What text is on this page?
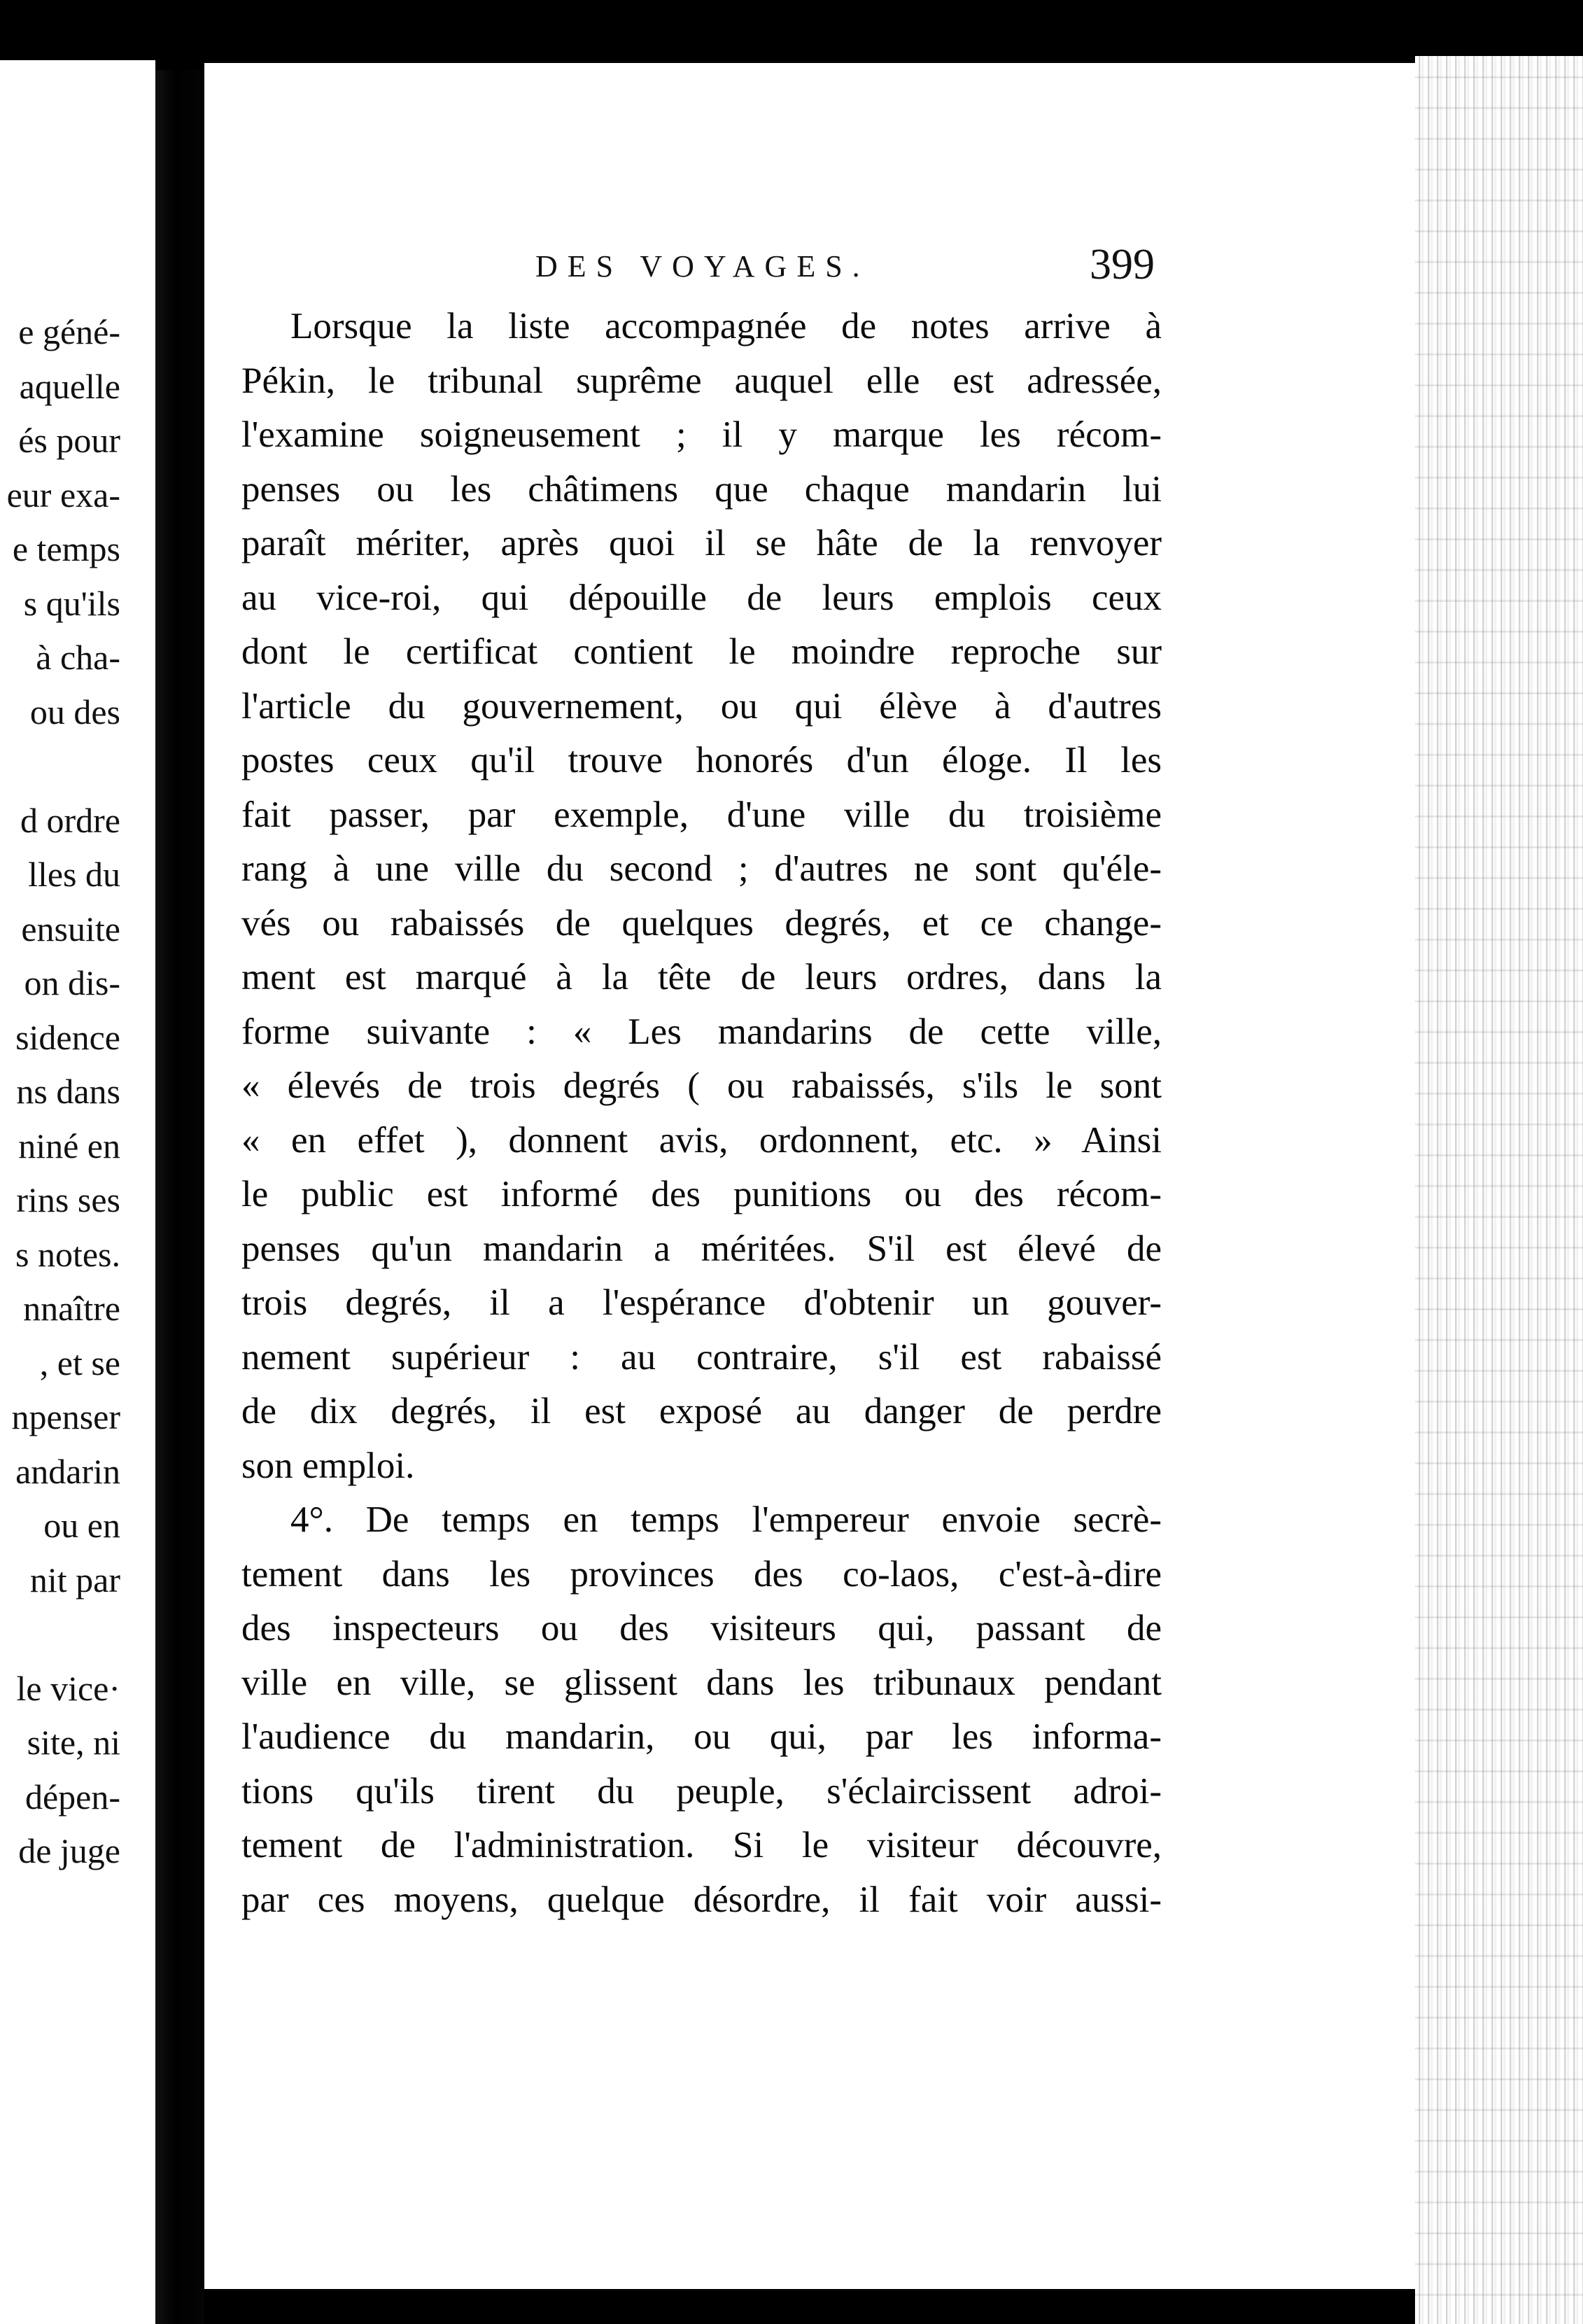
e géné-
aquelle
és pour
eur exa-
e temps
s qu'ils
à cha-
ou des
d ordre
lles du
ensuite
on dis-
sidence
ns dans
niné en
rins ses
s notes.
nnaître
, et se
npenser
andarin
ou en
nit par
le vice·
site, ni
dépen-
de juge
DES VOYAGES.	399
Lorsque la liste accompagnée de notes arrive à
Pékin, le tribunal suprême auquel elle est adressée,
l'examine soigneusement ; il y marque les récom-
penses ou les châtimens que chaque mandarin lui
paraît mériter, après quoi il se hâte de la renvoyer
au vice-roi, qui dépouille de leurs emplois ceux
dont le certificat contient le moindre reproche sur
l'article du gouvernement, ou qui élève à d'autres
postes ceux qu'il trouve honorés d'un éloge. Il les
fait passer, par exemple, d'une ville du troisième
rang à une ville du second ; d'autres ne sont qu'éle-
vés ou rabaissés de quelques degrés, et ce change-
ment est marqué à la tête de leurs ordres, dans la
forme suivante : « Les mandarins de cette ville,
« élevés de trois degrés ( ou rabaissés, s'ils le sont
« en effet ), donnent avis, ordonnent, etc. » Ainsi
le public est informé des punitions ou des récom-
penses qu'un mandarin a méritées. S'il est élevé de
trois degrés, il a l'espérance d'obtenir un gouver-
nement supérieur : au contraire, s'il est rabaissé
de dix degrés, il est exposé au danger de perdre
son emploi.
4°. De temps en temps l'empereur envoie secrè-
tement dans les provinces des co-laos, c'est-à-dire
des inspecteurs ou des visiteurs qui, passant de
ville en ville, se glissent dans les tribunaux pendant
l'audience du mandarin, ou qui, par les informa-
tions qu'ils tirent du peuple, s'éclaircissent adroi-
tement de l'administration. Si le visiteur découvre,
par ces moyens, quelque désordre, il fait voir aussi-
